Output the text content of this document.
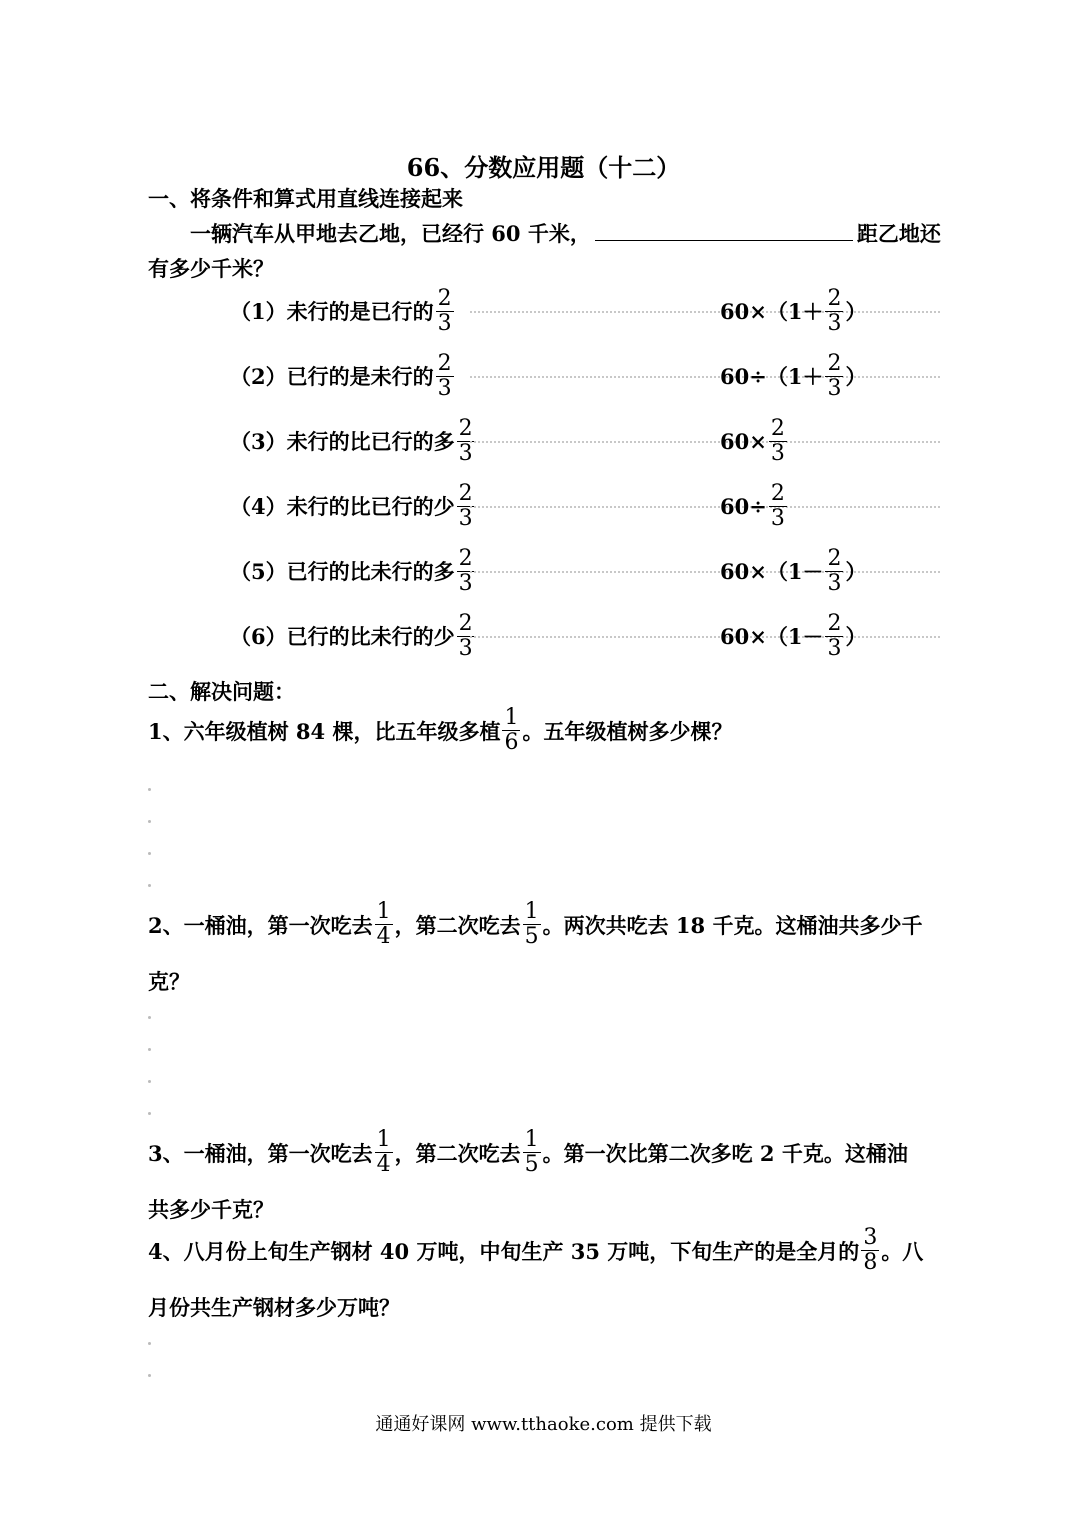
66、分数应用题（十二）
一、将条件和算式用直线连接起来
一辆汽车从甲地去乙地，已经行 60 千米，	距乙地还
有多少千米？
（1）未行的是已行的 $\frac{2}{3}$	$60\times(1+ \frac{2}{3}$ ）
（2）已行的是未行的 $\frac{2}{3}$	$60\div(1+ \frac{2}{3}$ ）
（3）未行的比已行的多 $\frac{2}{3}$	$60\times \frac{2}{3}$
（4）未行的比已行的少 $\frac{2}{3}$	$60\div \frac{2}{3}$
（5）已行的比未行的多 $\frac{2}{3}$	$60\times(1- \frac{2}{3}$ ）
（6）已行的比未行的少 $\frac{2}{3}$	$60\times(1- \frac{2}{3}$ ）
二、解决问题：
1、六年级植树 84 棵，比五年级多植 $\frac{1}{6}$ 。五年级植树多少棵？
2、一桶油，第一次吃去 $\frac{1}{4}$ ，第二次吃去 $\frac{1}{5}$ 。两次共吃去 18 千克。这桶油共多少千
克？
3、一桶油，第一次吃去 $\frac{1}{4}$ ，第二次吃去 $\frac{1}{5}$ 。第一次比第二次多吃 2 千克。这桶油
共多少千克？
4、八月份上旬生产钢材 40 万吨，中旬生产 35 万吨，下旬生产的是全月的 $\frac{3}{8}$ 。八
月份共生产钢材多少万吨？
通通好课网 www.tthaoke.com 提供下载
